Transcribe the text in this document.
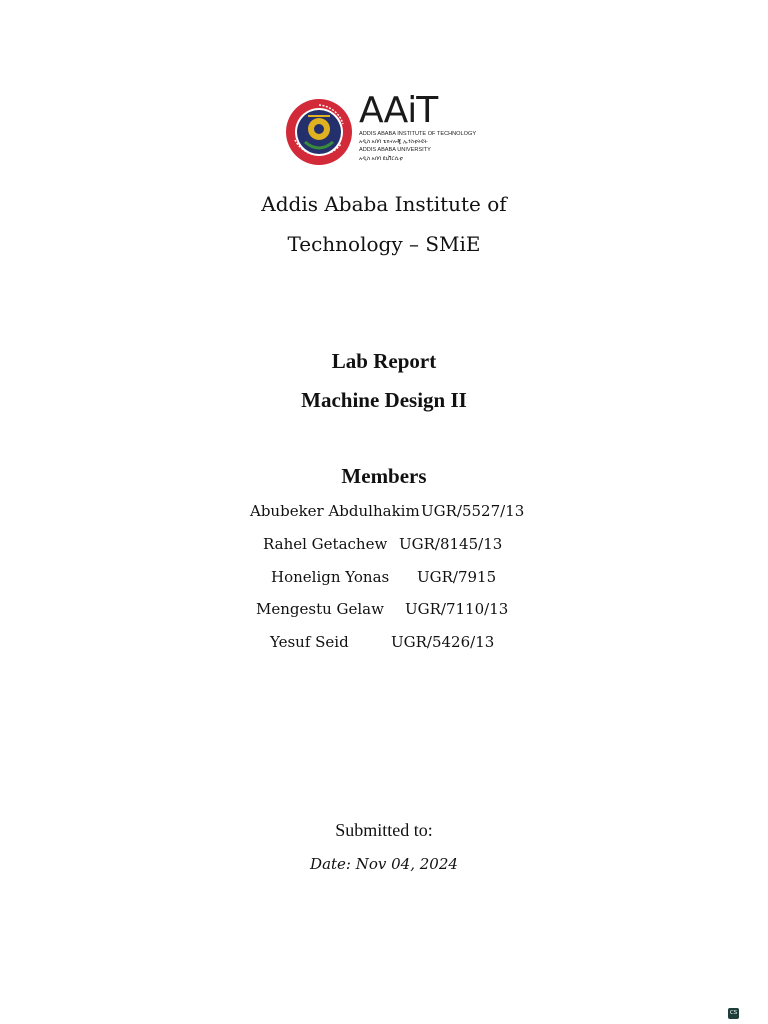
AAiT
ADDIS ABABA INSTITUTE OF TECHNOLOGY
አዲስ አበባ ቴክኖሎጂ ኢንስቲትዩት
ADDIS ABABA UNIVERSITY
አዲስ አበባ ዩኒቨርሲቲ
Addis Ababa Institute of
Technology – SMiE
Lab Report
Machine Design II
Members
Abubeker Abdulhakim UGR/5527/13
Rahel Getachew UGR/8145/13
Honelign Yonas UGR/7915
Mengestu Gelaw UGR/7110/13
Yesuf Seid	UGR/5426/13
Submitted to:
Date: Nov 04, 2024
CS
